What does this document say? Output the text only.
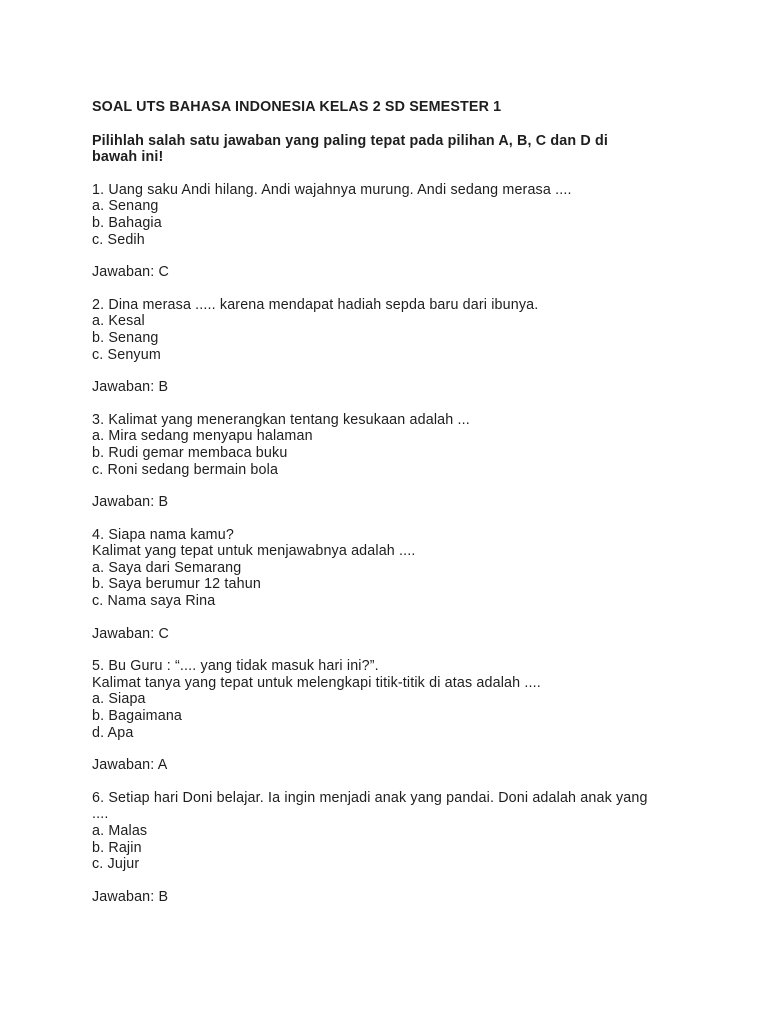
SOAL UTS BAHASA INDONESIA KELAS 2 SD SEMESTER 1
Pilihlah salah satu jawaban yang paling tepat pada pilihan A, B, C dan D di bawah ini!
1. Uang saku Andi hilang. Andi wajahnya murung. Andi sedang merasa ....
a. Senang
b. Bahagia
c. Sedih
Jawaban: C
2. Dina merasa ..... karena mendapat hadiah sepda baru dari ibunya.
a. Kesal
b. Senang
c. Senyum
Jawaban: B
3. Kalimat yang menerangkan tentang kesukaan adalah ...
a. Mira sedang menyapu halaman
b. Rudi gemar membaca buku
c. Roni sedang bermain bola
Jawaban: B
4. Siapa nama kamu?
Kalimat yang tepat untuk menjawabnya adalah ....
a. Saya dari Semarang
b. Saya berumur 12 tahun
c. Nama saya Rina
Jawaban: C
5. Bu Guru : “.... yang tidak masuk hari ini?”.
Kalimat tanya yang tepat untuk melengkapi titik-titik di atas adalah ....
a. Siapa
b. Bagaimana
d. Apa
Jawaban: A
6. Setiap hari Doni belajar. Ia ingin menjadi anak yang pandai. Doni adalah anak yang ....
a. Malas
b. Rajin
c. Jujur
Jawaban: B
